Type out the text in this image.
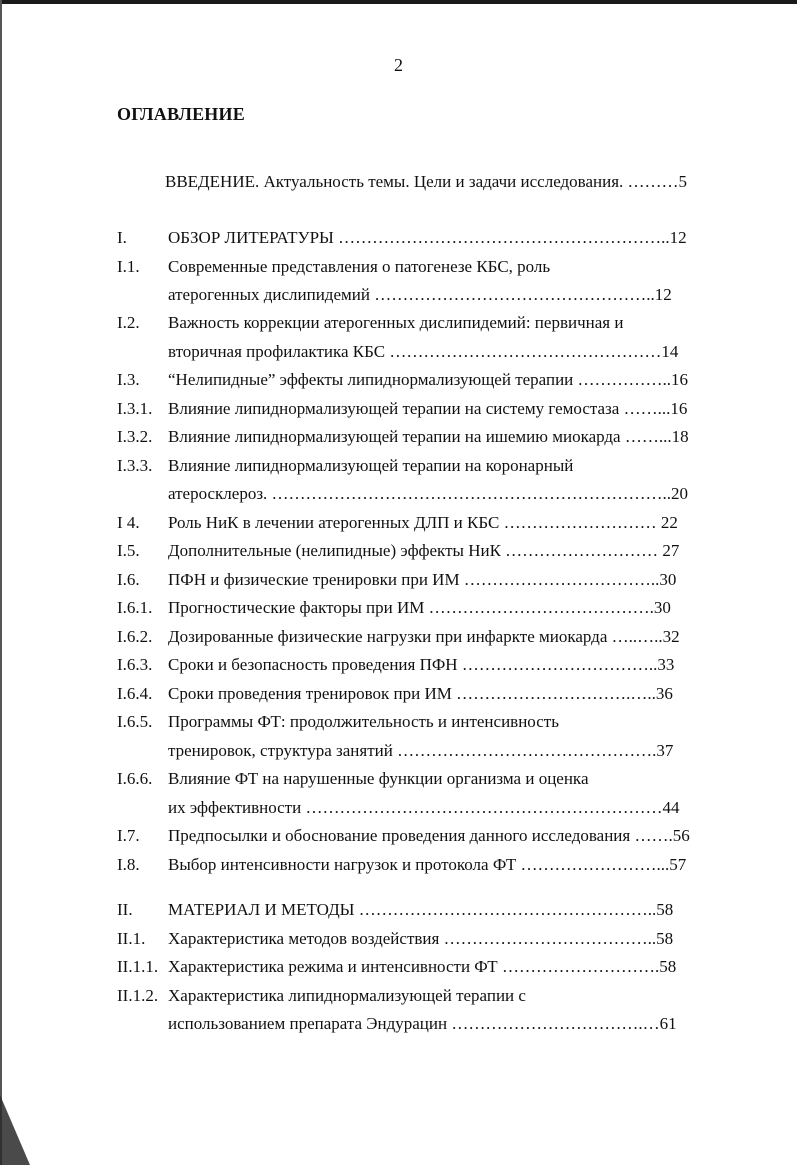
2
ОГЛАВЛЕНИЕ
ВВЕДЕНИЕ. Актуальность темы. Цели и задачи исследования. ………5
I. ОБЗОР ЛИТЕРАТУРЫ …………………………………………………..12
I.1. Современные представления о патогенезе КБС, роль
атерогенных дислипидемий …………………………………………..12
I.2. Важность коррекции атерогенных дислипидемий: первичная и
вторичная профилактика КБС …………………………………………14
I.3. “Нелипидные” эффекты липиднормализующей терапии ……………..16
I.3.1. Влияние липиднормализующей терапии на систему гемостаза ……...16
I.3.2. Влияние липиднормализующей терапии на ишемию миокарда ……...18
I.3.3. Влияние липиднормализующей терапии на коронарный
атеросклероз. ……………………………………………………………..20
I 4. Роль НиК в лечении атерогенных ДЛП и КБС ……………………… 22
I.5. Дополнительные (нелипидные) эффекты НиК ……………………… 27
I.6. ПФН и физические тренировки при ИМ ……………………………..30
I.6.1. Прогностические факторы при ИМ ………………………………….30
I.6.2. Дозированные физические нагрузки при инфаркте миокарда …..…..32
I.6.3. Сроки и безопасность проведения ПФН ……………………………..33
I.6.4. Сроки проведения тренировок при ИМ ………………………….…..36
I.6.5. Программы ФТ: продолжительность и интенсивность
тренировок, структура занятий ……………………………………….37
I.6.6. Влияние ФТ на нарушенные функции организма и оценка
их эффективности ………………………………………………………44
I.7. Предпосылки и обоснование проведения данного исследования …….56
I.8. Выбор интенсивности нагрузок и протокола ФТ ……………………...57
II. МАТЕРИАЛ И МЕТОДЫ ……………………………………………..58
II.1. Характеристика методов воздействия ………………………………..58
II.1.1. Характеристика режима и интенсивности ФТ ……………………….58
II.1.2. Характеристика липиднормализующей терапии с
использованием препарата Эндурацин …………………………….…61
